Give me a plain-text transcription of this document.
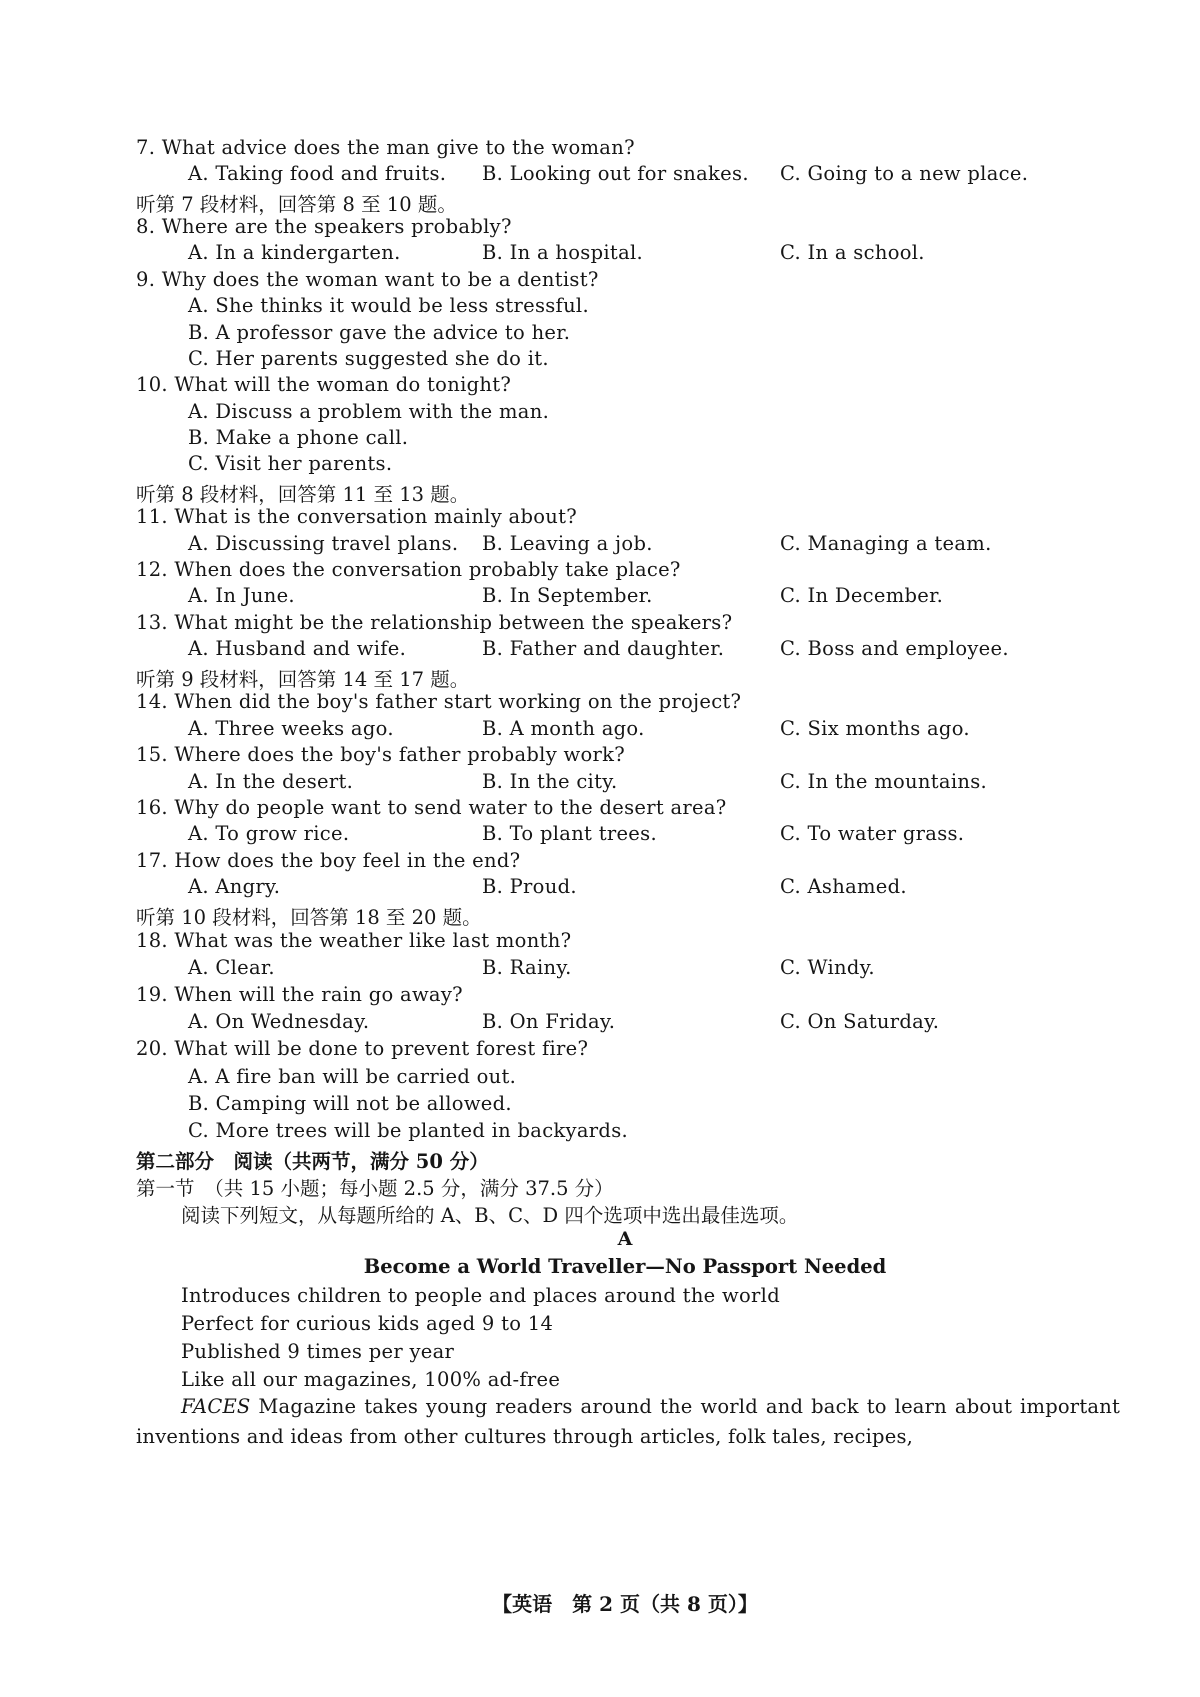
7. What advice does the man give to the woman?
A. Taking food and fruits. B. Looking out for snakes. C. Going to a new place.
听第 7 段材料，回答第 8 至 10 题。
8. Where are the speakers probably?
A. In a kindergarten.	B. In a hospital.	C. In a school.
9. Why does the woman want to be a dentist?
A. She thinks it would be less stressful.
B. A professor gave the advice to her.
C. Her parents suggested she do it.
10. What will the woman do tonight?
A. Discuss a problem with the man.
B. Make a phone call.
C. Visit her parents.
听第 8 段材料，回答第 11 至 13 题。
11. What is the conversation mainly about?
A. Discussing travel plans. B. Leaving a job.	C. Managing a team.
12. When does the conversation probably take place?
A. In June.	B. In September.	C. In December.
13. What might be the relationship between the speakers?
A. Husband and wife.	B. Father and daughter.	C. Boss and employee.
听第 9 段材料，回答第 14 至 17 题。
14. When did the boy's father start working on the project?
A. Three weeks ago.	B. A month ago.	C. Six months ago.
15. Where does the boy's father probably work?
A. In the desert.	B. In the city.	C. In the mountains.
16. Why do people want to send water to the desert area?
A. To grow rice.	B. To plant trees.	C. To water grass.
17. How does the boy feel in the end?
A. Angry.	B. Proud.	C. Ashamed.
听第 10 段材料，回答第 18 至 20 题。
18. What was the weather like last month?
A. Clear.	B. Rainy.	C. Windy.
19. When will the rain go away?
A. On Wednesday.	B. On Friday.	C. On Saturday.
20. What will be done to prevent forest fire?
A. A fire ban will be carried out.
B. Camping will not be allowed.
C. More trees will be planted in backyards.
第二部分　阅读（共两节，满分 50 分）
第一节　（共 15 小题；每小题 2.5 分，满分 37.5 分）
阅读下列短文，从每题所给的 A、B、C、D 四个选项中选出最佳选项。
A
Become a World Traveller—No Passport Needed
Introduces children to people and places around the world
Perfect for curious kids aged 9 to 14
Published 9 times per year
Like all our magazines, 100% ad-free
FACES Magazine takes young readers around the world and back to learn about important inventions and ideas from other cultures through articles, folk tales, recipes,
【英语　第 2 页（共 8 页）】
